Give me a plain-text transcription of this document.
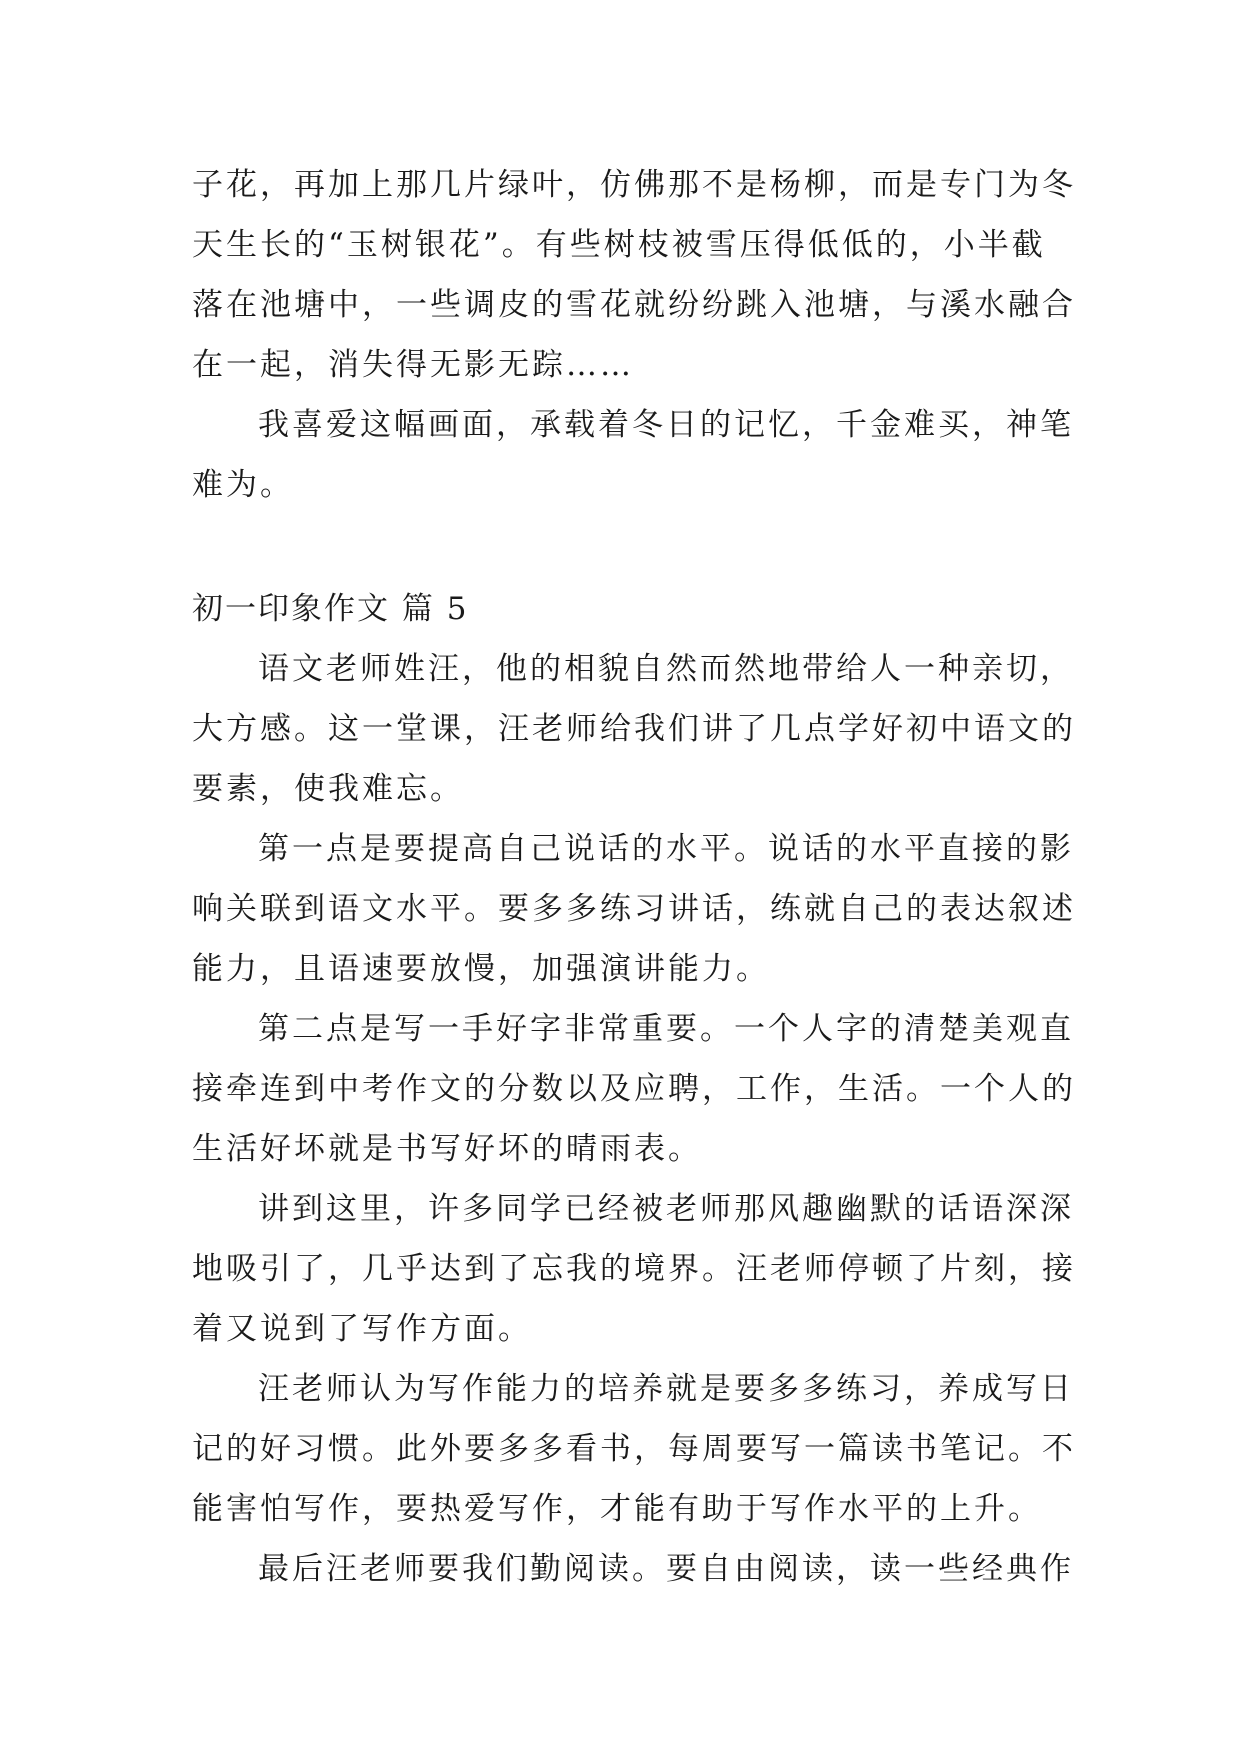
子花，再加上那几片绿叶，仿佛那不是杨柳，而是专门为冬
天生长的“玉树银花”。有些树枝被雪压得低低的，小半截
落在池塘中，一些调皮的雪花就纷纷跳入池塘，与溪水融合
在一起，消失得无影无踪……
我喜爱这幅画面，承载着冬日的记忆，千金难买，神笔
难为。
初一印象作文 篇 5
语文老师姓汪，他的相貌自然而然地带给人一种亲切，
大方感。这一堂课，汪老师给我们讲了几点学好初中语文的
要素，使我难忘。
第一点是要提高自己说话的水平。说话的水平直接的影
响关联到语文水平。要多多练习讲话，练就自己的表达叙述
能力，且语速要放慢，加强演讲能力。
第二点是写一手好字非常重要。一个人字的清楚美观直
接牵连到中考作文的分数以及应聘，工作，生活。一个人的
生活好坏就是书写好坏的晴雨表。
讲到这里，许多同学已经被老师那风趣幽默的话语深深
地吸引了，几乎达到了忘我的境界。汪老师停顿了片刻，接
着又说到了写作方面。
汪老师认为写作能力的培养就是要多多练习，养成写日
记的好习惯。此外要多多看书，每周要写一篇读书笔记。不
能害怕写作，要热爱写作，才能有助于写作水平的上升。
最后汪老师要我们勤阅读。要自由阅读，读一些经典作
